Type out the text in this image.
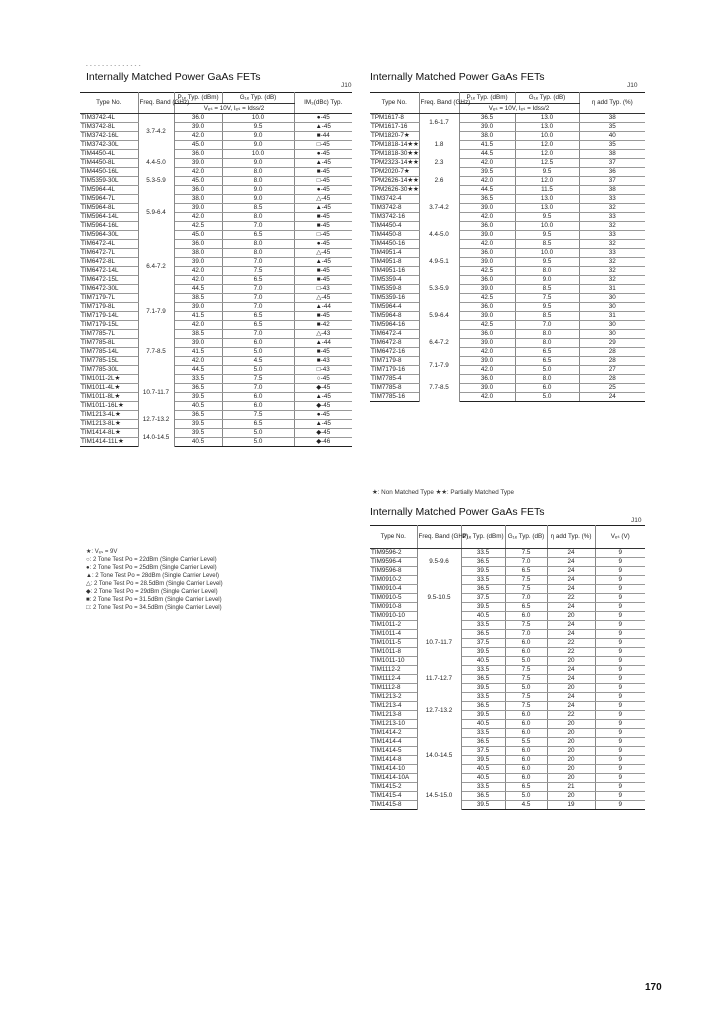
- - - - - - - - - - - - - -
Internally Matched Power GaAs FETs
J10
Type No.	Freq. Band (GHz)	P₁ₑ Typ. (dBm)	G₁ₑ Typ. (dB)	IM₃(dBc) Typ.
		Vₑₛ = 10V, Iₑₛ = Idss/2		
TIM3742-4L	3.7-4.2	36.0	10.0	●-45
TIM3742-8L		39.0	9.5	▲-45
TIM3742-16L		42.0	9.0	■-44
TIM3742-30L		45.0	9.0	□-45
TIM4450-4L	4.4-5.0	36.0	10.0	●-45
TIM4450-8L		39.0	9.0	▲-45
TIM4450-16L		42.0	8.0	■-45
TIM5359-30L	5.3-5.9	45.0	8.0	□-45
TIM5964-4L	5.9-6.4	36.0	9.0	●-45
TIM5964-7L		38.0	9.0	△-45
TIM5964-8L		39.0	8.5	▲-45
TIM5964-14L		42.0	8.0	■-45
TIM5964-16L		42.5	7.0	■-45
TIM5964-30L		45.0	6.5	□-45
TIM6472-4L	6.4-7.2	36.0	8.0	●-45
TIM6472-7L		38.0	8.0	△-45
TIM6472-8L		39.0	7.0	▲-45
TIM6472-14L		42.0	7.5	■-45
TIM6472-15L		42.0	6.5	■-45
TIM6472-30L		44.5	7.0	□-43
TIM7179-7L	7.1-7.9	38.5	7.0	△-45
TIM7179-8L		39.0	7.0	▲-44
TIM7179-14L		41.5	6.5	■-45
TIM7179-15L		42.0	6.5	■-42
TIM7785-7L	7.7-8.5	38.5	7.0	△-43
TIM7785-8L		39.0	6.0	▲-44
TIM7785-14L		41.5	5.0	■-45
TIM7785-15L		42.0	4.5	■-43
TIM7785-30L		44.5	5.0	□-43
TIM1011-2L★	10.7-11.7	33.5	7.5	○-45
TIM1011-4L★		36.5	7.0	◆-45
TIM1011-8L★		39.5	6.0	▲-45
TIM1011-16L★		40.5	6.0	◆-45
TIM1213-4L★	12.7-13.2	36.5	7.5	●-45
TIM1213-8L★		39.5	6.5	▲-45
TIM1414-8L★	14.0-14.5	39.5	5.0	◆-45
TIM1414-11L★		40.5	5.0	◆-46
★: Vₑₛ = 9V
○: 2 Tone Test Po = 22dBm (Single Carrier Level)
●: 2 Tone Test Po = 25dBm (Single Carrier Level)
▲: 2 Tone Test Po = 28dBm (Single Carrier Level)
△: 2 Tone Test Po = 28.5dBm (Single Carrier Level)
◆: 2 Tone Test Po = 29dBm (Single Carrier Level)
■: 2 Tone Test Po = 31.5dBm (Single Carrier Level)
□: 2 Tone Test Po = 34.5dBm (Single Carrier Level)
Internally Matched Power GaAs FETs
J10
Type No.	Freq. Band (GHz)	P₁ₑ Typ. (dBm)	G₁ₑ Typ. (dB)	η add Typ. (%)
		Vₑₛ = 10V, Iₑₛ = Idss/2		
TPM1617-8	1.6-1.7	36.5	13.0	38
TPM1617-16		39.0	13.0	35
TPM1820-7★	1.8	38.0	10.0	40
TPM1818-14★★		41.5	12.0	35
TPM1818-30★★		44.5	12.0	38
TPM2323-14★★	2.3	42.0	12.5	37
TPM2020-7★	2.6	39.5	9.5	36
TPM2626-14★★		42.0	12.0	37
TPM2626-30★★		44.5	11.5	38
TIM3742-4	3.7-4.2	36.5	13.0	33
TIM3742-8		39.0	13.0	32
TIM3742-16		42.0	9.5	33
TIM4450-4	4.4-5.0	36.0	10.0	32
TIM4450-8		39.0	9.5	33
TIM4450-16		42.0	8.5	32
TIM4951-4	4.9-5.1	36.0	10.0	33
TIM4951-8		39.0	9.5	32
TIM4951-16		42.5	8.0	32
TIM5359-4	5.3-5.9	36.0	9.0	32
TIM5359-8		39.0	8.5	31
TIM5359-16		42.5	7.5	30
TIM5964-4	5.9-6.4	36.0	9.5	30
TIM5964-8		39.0	8.5	31
TIM5964-16		42.5	7.0	30
TIM6472-4	6.4-7.2	36.0	8.0	30
TIM6472-8		39.0	8.0	29
TIM6472-16		42.0	6.5	28
TIM7179-8	7.1-7.9	39.0	6.5	28
TIM7179-16		42.0	5.0	27
TIM7785-4	7.7-8.5	36.0	8.0	28
TIM7785-8		39.0	6.0	25
TIM7785-16		42.0	5.0	24
★: Non Matched Type ★★: Partially Matched Type
Internally Matched Power GaAs FETs
J10
Type No.	Freq. Band (GHz)	P₁ₑ Typ. (dBm)	G₁ₑ Typ. (dB)	η add Typ. (%)	Vₑₛ (V)
TIM9596-2	9.5-9.6	33.5	7.5	24	9
TIM9596-4		36.5	7.0	24	9
TIM9596-8		39.5	6.5	24	9
TIM0910-2	9.5-10.5	33.5	7.5	24	9
TIM0910-4		36.5	7.5	24	9
TIM0910-5		37.5	7.0	22	9
TIM0910-8		39.5	6.5	24	9
TIM0910-10		40.5	6.0	20	9
TIM1011-2	10.7-11.7	33.5	7.5	24	9
TIM1011-4		36.5	7.0	24	9
TIM1011-5		37.5	6.0	22	9
TIM1011-8		39.5	6.0	22	9
TIM1011-10		40.5	5.0	20	9
TIM1112-2	11.7-12.7	33.5	7.5	24	9
TIM1112-4		36.5	7.5	24	9
TIM1112-8		39.5	5.0	20	9
TIM1213-2	12.7-13.2	33.5	7.5	24	9
TIM1213-4		36.5	7.5	24	9
TIM1213-8		39.5	6.0	22	9
TIM1213-10		40.5	6.0	20	9
TIM1414-2	14.0-14.5	33.5	6.0	20	9
TIM1414-4		36.5	5.5	20	9
TIM1414-5		37.5	6.0	20	9
TIM1414-8		39.5	6.0	20	9
TIM1414-10		40.5	6.0	20	9
TIM1414-10A		40.5	6.0	20	9
TIM1415-2	14.5-15.0	33.5	6.5	21	9
TIM1415-4		36.5	5.0	20	9
TIM1415-8		39.5	4.5	19	9
170
